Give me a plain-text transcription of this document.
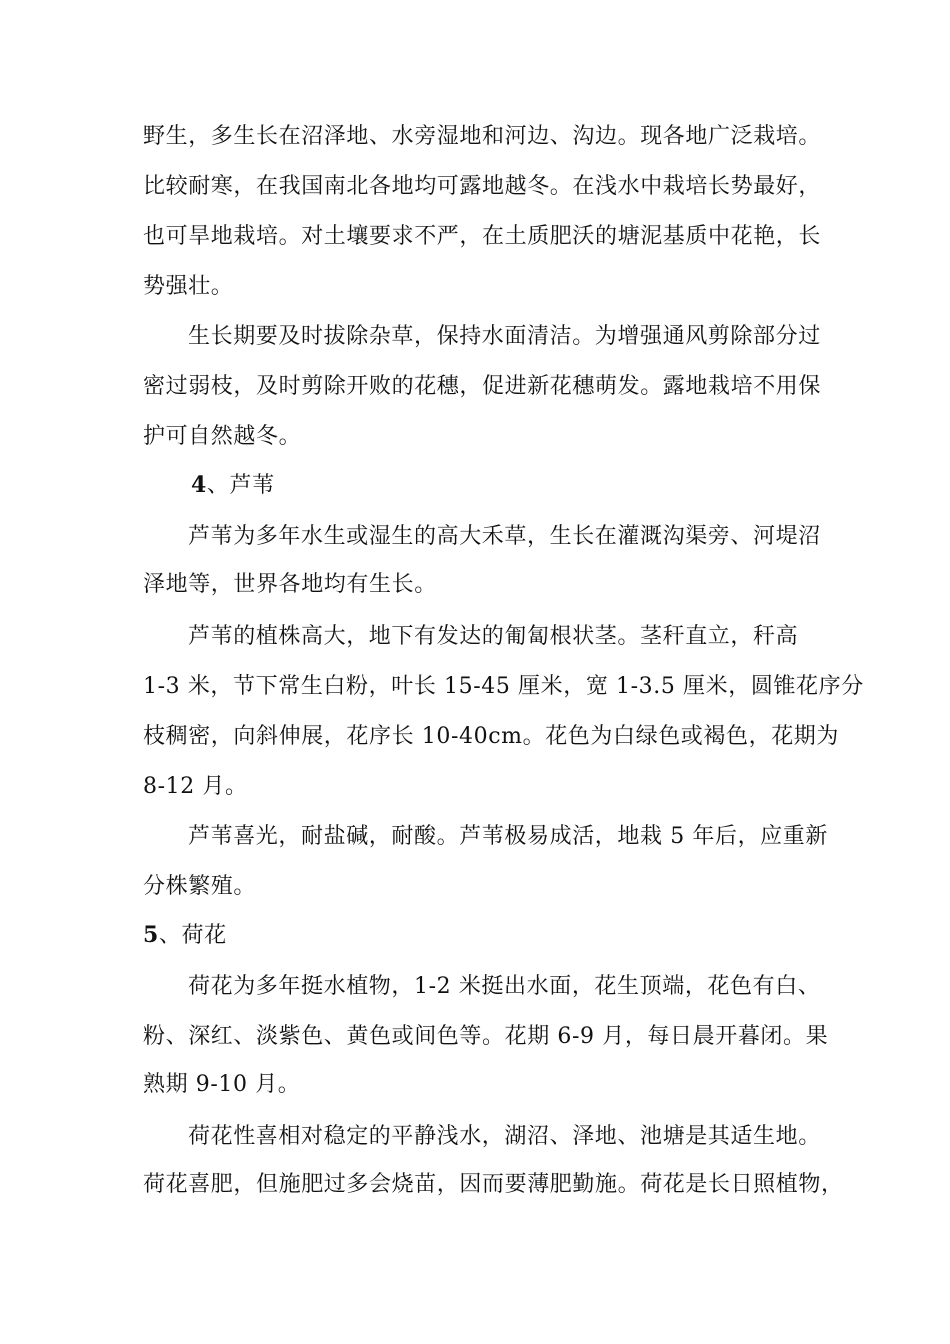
野生，多生长在沼泽地、水旁湿地和河边、沟边。现各地广泛栽培。
比较耐寒，在我国南北各地均可露地越冬。在浅水中栽培长势最好，
也可旱地栽培。对土壤要求不严，在土质肥沃的塘泥基质中花艳，长
势强壮。
生长期要及时拔除杂草，保持水面清洁。为增强通风剪除部分过
密过弱枝，及时剪除开败的花穗，促进新花穗萌发。露地栽培不用保
护可自然越冬。
4、芦苇
芦苇为多年水生或湿生的高大禾草，生长在灌溉沟渠旁、河堤沼
泽地等，世界各地均有生长。
芦苇的植株高大，地下有发达的匍匐根状茎。茎秆直立，秆高
1-3 米，节下常生白粉，叶长 15-45 厘米，宽 1-3.5 厘米，圆锥花序分
枝稠密，向斜伸展，花序长 10-40cm。花色为白绿色或褐色，花期为
8-12 月。
芦苇喜光，耐盐碱，耐酸。芦苇极易成活，地栽 5 年后，应重新
分株繁殖。
5、荷花
荷花为多年挺水植物，1-2 米挺出水面，花生顶端，花色有白、
粉、深红、淡紫色、黄色或间色等。花期 6-9 月，每日晨开暮闭。果
熟期 9-10 月。
荷花性喜相对稳定的平静浅水，湖沼、泽地、池塘是其适生地。
荷花喜肥，但施肥过多会烧苗，因而要薄肥勤施。荷花是长日照植物，
